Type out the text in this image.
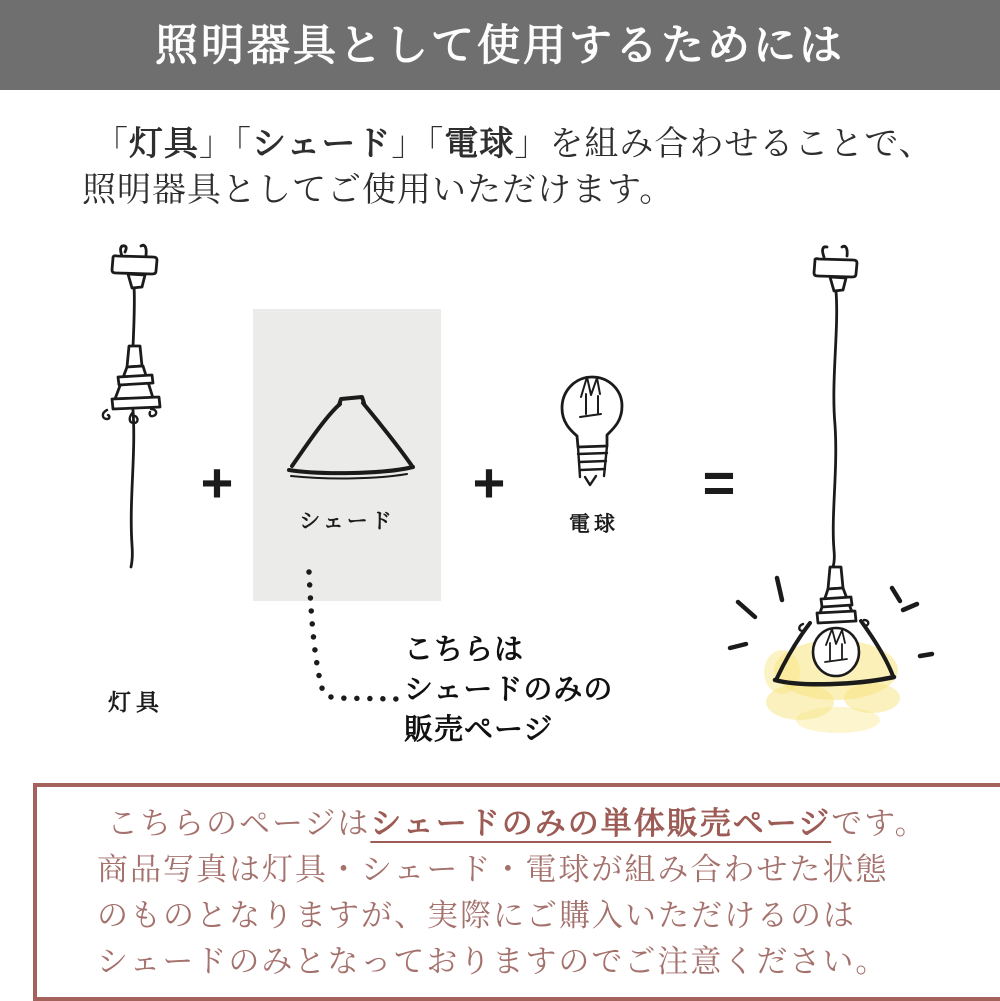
照明器具として使用するためには
「灯具」「シェード」「電球」を組み合わせることで、
照明器具としてご使用いただけます。
+	+	=
灯具
シェード	電球
こちらは
シェードのみの
販売ページ
こちらのページはシェードのみの単体販売ページです。
商品写真は灯具・シェード・電球が組み合わせた状態
のものとなりますが、実際にご購入いただけるのは
シェードのみとなっておりますのでご注意ください。
